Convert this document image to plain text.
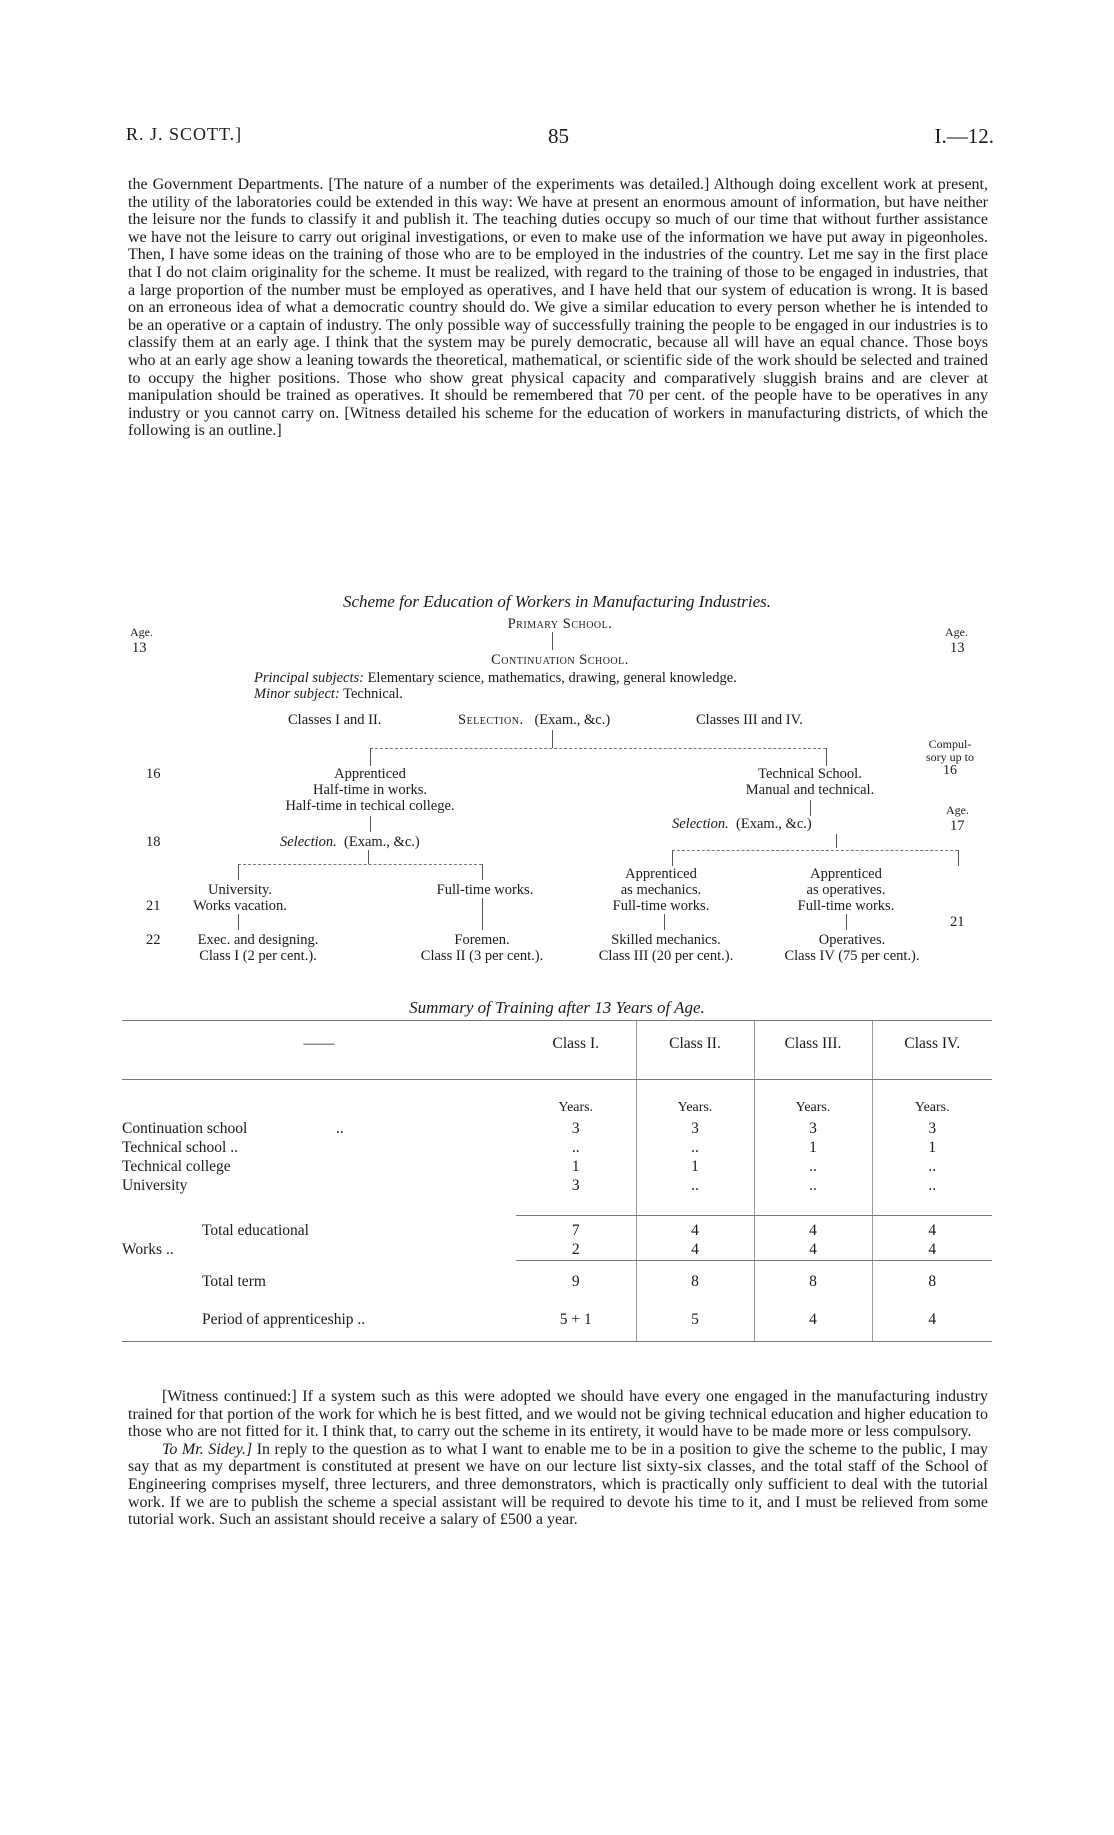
R. J. SCOTT.]	85	I.—12.

the Government Departments. [The nature of a number of the experiments was detailed.] Although doing excellent work at present, the utility of the laboratories could be extended in this way: We have at present an enormous amount of information, but have neither the leisure nor the funds to classify it and publish it. The teaching duties occupy so much of our time that without further assistance we have not the leisure to carry out original investigations, or even to make use of the information we have put away in pigeonholes. Then, I have some ideas on the training of those who are to be employed in the industries of the country. Let me say in the first place that I do not claim originality for the scheme. It must be realized, with regard to the training of those to be engaged in industries, that a large proportion of the number must be employed as operatives, and I have held that our system of education is wrong. It is based on an erroneous idea of what a democratic country should do. We give a similar education to every person whether he is intended to be an operative or a captain of industry. The only possible way of successfully training the people to be engaged in our industries is to classify them at an early age. I think that the system may be purely democratic, because all will have an equal chance. Those boys who at an early age show a leaning towards the theoretical, mathematical, or scientific side of the work should be selected and trained to occupy the higher positions. Those who show great physical capacity and comparatively sluggish brains and are clever at manipulation should be trained as operatives. It should be remembered that 70 per cent. of the people have to be operatives in any industry or you cannot carry on. [Witness detailed his scheme for the education of workers in manufacturing districts, of which the following is an outline.]

Scheme for Education of Workers in Manufacturing Industries.
Primary School.
Continuation School.
Age.
13
Age.
13
Principal subjects: Elementary science, mathematics, drawing, general knowledge.
Minor subject: Technical.
Classes I and II.	Selection. (Exam., &c.)	Classes III and IV.
Compul-
sory up to
16
16	Apprenticed
Half-time in works.
Half-time in techical college.
Technical School.
Manual and technical.
Age.
17
Selection. (Exam., &c.)
18	Selection. (Exam., &c.)
Apprenticed
as mechanics.
Full-time works.
Apprenticed
as operatives.
Full-time works.
University.
Works vacation.
Full-time works.
21
21
22	Exec. and designing.
Class I (2 per cent.).
Foremen.
Class II (3 per cent.).
Skilled mechanics.
Class III (20 per cent.).
Operatives.
Class IV (75 per cent.).
Summary of Training after 13 Years of Age.
——	Class I.	Class II.	Class III.	Class IV.
	Years.	Years.	Years.	Years.
Continuation school ..	3	3	3	3
Technical school ..	..	..	1	1
Technical college	1	1	..	..
University	3	..	..	..

Total educational	7	4	4	4
Works ..	2	4	4	4
Total term	9	8	8	8
Period of apprenticeship ..	5 + 1	5	4	4

[Witness continued:] If a system such as this were adopted we should have every one engaged in the manufacturing industry trained for that portion of the work for which he is best fitted, and we would not be giving technical education and higher education to those who are not fitted for it. I think that, to carry out the scheme in its entirety, it would have to be made more or less compulsory.

To Mr. Sidey.] In reply to the question as to what I want to enable me to be in a position to give the scheme to the public, I may say that as my department is constituted at present we have on our lecture list sixty-six classes, and the total staff of the School of Engineering comprises myself, three lecturers, and three demonstrators, which is practically only sufficient to deal with the tutorial work. If we are to publish the scheme a special assistant will be required to devote his time to it, and I must be relieved from some tutorial work. Such an assistant should receive a salary of £500 a year.
